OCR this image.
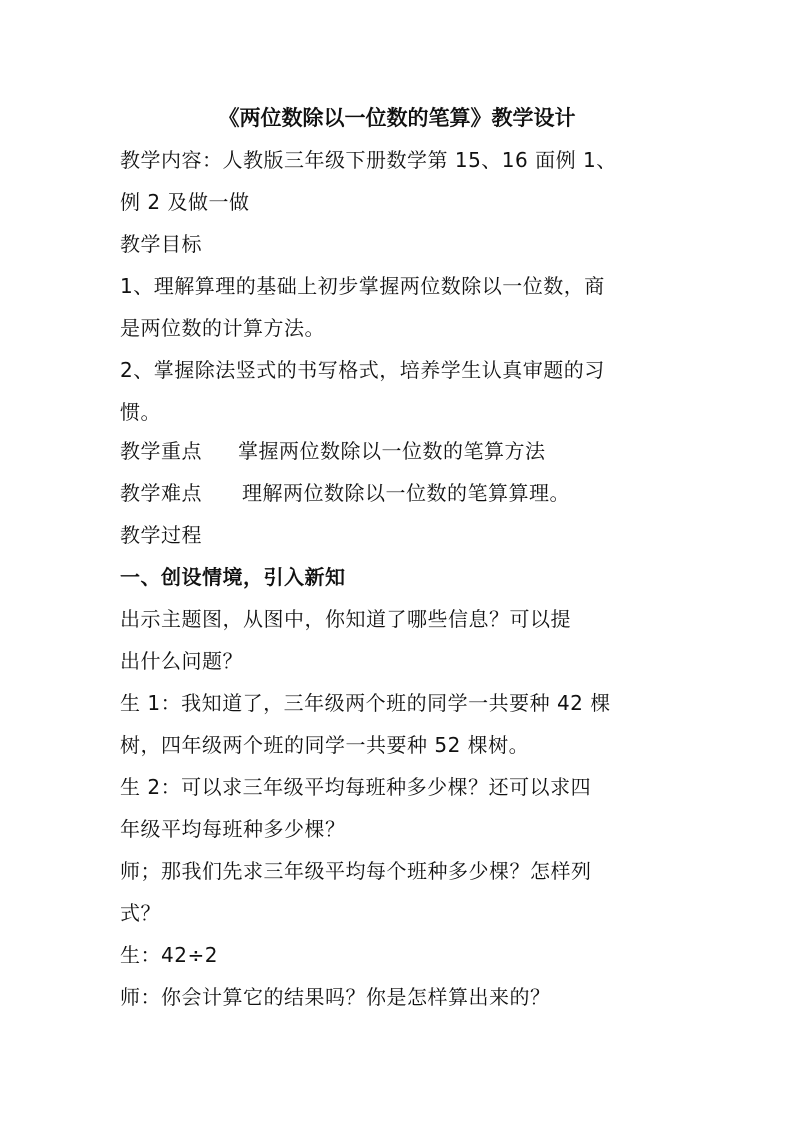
《两位数除以一位数的笔算》教学设计
教学内容：人教版三年级下册数学第 15、16 面例 1、
例 2 及做一做
教学目标
1、理解算理的基础上初步掌握两位数除以一位数，商
是两位数的计算方法。
2、掌握除法竖式的书写格式，培养学生认真审题的习
惯。
教学重点 掌握两位数除以一位数的笔算方法
教学难点 理解两位数除以一位数的笔算算理。
教学过程
一、创设情境，引入新知
出示主题图，从图中，你知道了哪些信息？可以提
出什么问题？
生 1：我知道了，三年级两个班的同学一共要种 42 棵
树，四年级两个班的同学一共要种 52 棵树。
生 2：可以求三年级平均每班种多少棵？还可以求四
年级平均每班种多少棵？
师；那我们先求三年级平均每个班种多少棵？怎样列
式？
生：42÷2
师：你会计算它的结果吗？你是怎样算出来的？
